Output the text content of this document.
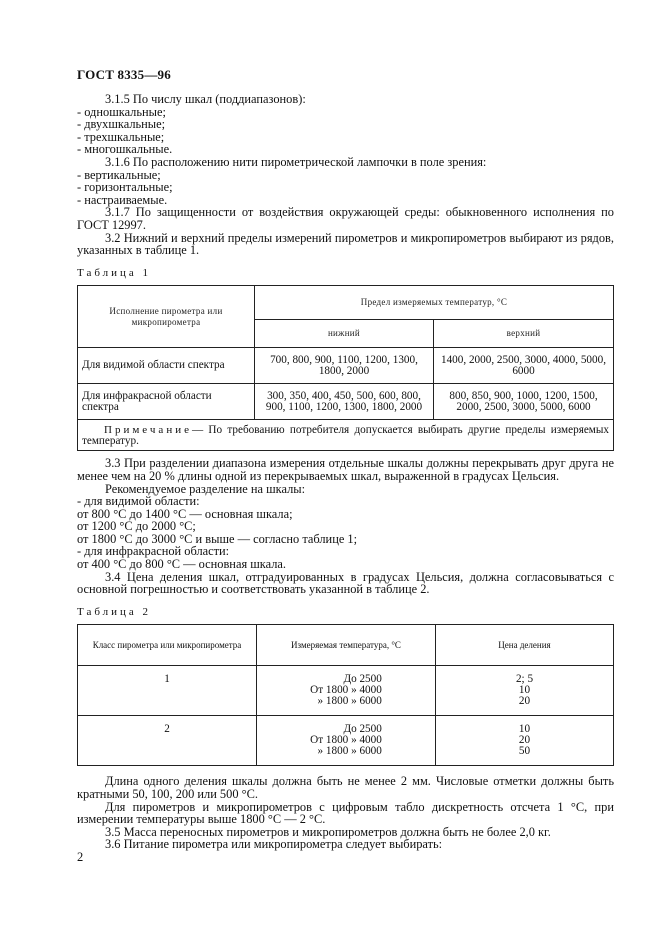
ГОСТ 8335—96

3.1.5 По числу шкал (поддиапазонов):

- одношкальные;

- двухшкальные;

- трехшкальные;

- многошкальные.

3.1.6 По расположению нити пирометрической лампочки в поле зрения:

- вертикальные;

- горизонтальные;

- настраиваемые.

3.1.7 По защищенности от воздействия окружающей среды: обыкновенного исполнения по ГОСТ 12997.

3.2 Нижний и верхний пределы измерений пирометров и микропирометров выбирают из рядов, указанных в таблице 1.

Таблица 1
Исполнение пирометра или микропирометра	Предел измеряемых температур, °С	
	нижний	верхний
Для видимой области спектра	700, 800, 900, 1100, 1200, 1300, 1800, 2000	1400, 2000, 2500, 3000, 4000, 5000, 6000
Для инфракрасной области спектра	300, 350, 400, 450, 500, 600, 800, 900, 1100, 1200, 1300, 1800, 2000	800, 850, 900, 1000, 1200, 1500, 2000, 2500, 3000, 5000, 6000
Примечание— По требованию потребителя допускается выбирать другие пределы измеряемых температур.		

3.3 При разделении диапазона измерения отдельные шкалы должны перекрывать друг друга не менее чем на 20 % длины одной из перекрываемых шкал, выраженной в градусах Цельсия.

Рекомендуемое разделение на шкалы:

- для видимой области:

от 800 °С до 1400 °С — основная шкала;

от 1200 °С до 2000 °С;

от 1800 °С до 3000 °С и выше — согласно таблице 1;

- для инфракрасной области:

от 400 °С до 800 °С — основная шкала.

3.4 Цена деления шкал, отградуированных в градусах Цельсия, должна согласовываться с основной погрешностью и соответствовать указанной в таблице 2.

Таблица 2
Класс пирометра или микропирометра	Измеряемая температура, °С	Цена деления
1	До 2500
От 1800 » 4000
» 1800 » 6000	2; 5
10
20

2	До 2500
От 1800 » 4000
» 1800 » 6000	10
20
50

Длина одного деления шкалы должна быть не менее 2 мм. Числовые отметки должны быть кратными 50, 100, 200 или 500 °С.

Для пирометров и микропирометров с цифровым табло дискретность отсчета 1 °С, при измерении температуры выше 1800 °С — 2 °С.

3.5 Масса переносных пирометров и микропирометров должна быть не более 2,0 кг.

3.6 Питание пирометра или микропирометра следует выбирать:

2
